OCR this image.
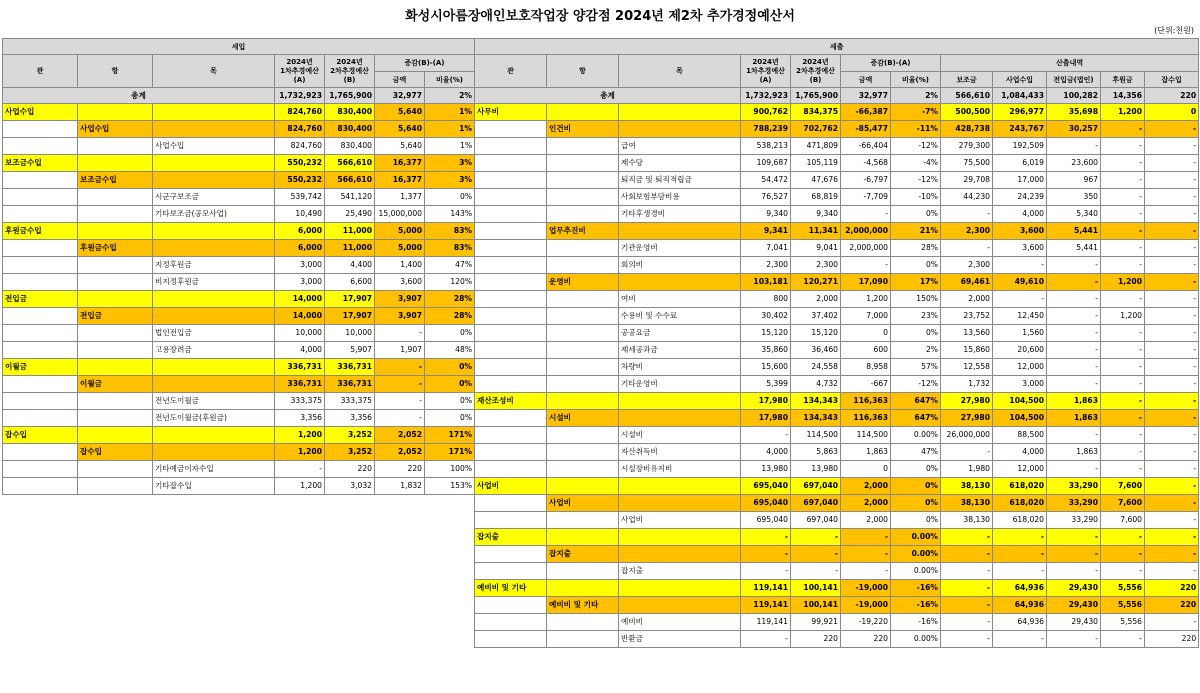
화성시아름장애인보호작업장 양감점 2024년 제2차 추가경정예산서
(단위:천원)
세입						
관	항	목	2024년
1차추경예산
(A)	2024년
2차추경예산
(B)	증감(B)-(A)	
					금액	비율(%)
총계			1,732,923	1,765,900	32,977	2%
사업수입			824,760	830,400	5,640	1%
	사업수입		824,760	830,400	5,640	1%
		사업수입	824,760	830,400	5,640	1%
보조금수입			550,232	566,610	16,377	3%
	보조금수입		550,232	566,610	16,377	3%
		시군구보조금	539,742	541,120	1,377	0%
		기타보조금(공모사업)	10,490	25,490	15,000,000	143%
후원금수입			6,000	11,000	5,000	83%
	후원금수입		6,000	11,000	5,000	83%
		지정후원금	3,000	4,400	1,400	47%
		비지정후원금	3,000	6,600	3,600	120%
전입금			14,000	17,907	3,907	28%
	전입금		14,000	17,907	3,907	28%
		법인전입금	10,000	10,000	-	0%
		고용장려금	4,000	5,907	1,907	48%
이월금			336,731	336,731	-	0%
	이월금		336,731	336,731	-	0%
		전년도이월금	333,375	333,375	-	0%
		전년도이월금(후원금)	3,356	3,356	-	0%
잡수입			1,200	3,252	2,052	171%
	잡수입		1,200	3,252	2,052	171%
		기타예금이자수입	-	220	220	100%
		기타잡수입	1,200	3,032	1,832	153%
세출											
관	항	목	2024년
1차추경예산
(A)	2024년
2차추경예산
(B)	증감(B)-(A)		산출내역				
					금액	비율(%)	보조금	사업수입	전입금(법인)	후원금	잡수입
총계			1,732,923	1,765,900	32,977	2%	566,610	1,084,433	100,282	14,356	220
사무비			900,762	834,375	-66,387	-7%	500,500	296,977	35,698	1,200	0
	인건비		788,239	702,762	-85,477	-11%	428,738	243,767	30,257	-	-
		급여	538,213	471,809	-66,404	-12%	279,300	192,509	-	-	-
		제수당	109,687	105,119	-4,568	-4%	75,500	6,019	23,600	-	-
		퇴직금 및 퇴직적립금	54,472	47,676	-6,797	-12%	29,708	17,000	967	-	-
		사회보험부담비용	76,527	68,819	-7,709	-10%	44,230	24,239	350	-	-
		기타후생경비	9,340	9,340	-	0%	-	4,000	5,340	-	-
	업무추진비		9,341	11,341	2,000,000	21%	2,300	3,600	5,441	-	-
		기관운영비	7,041	9,041	2,000,000	28%	-	3,600	5,441	-	-
		회의비	2,300	2,300	-	0%	2,300	-	-	-	-
	운영비		103,181	120,271	17,090	17%	69,461	49,610	-	1,200	-
		여비	800	2,000	1,200	150%	2,000	-	-	-	-
		수용비 및 수수료	30,402	37,402	7,000	23%	23,752	12,450	-	1,200	-
		공공요금	15,120	15,120	0	0%	13,560	1,560	-	-	-
		제세공과금	35,860	36,460	600	2%	15,860	20,600	-	-	-
		차량비	15,600	24,558	8,958	57%	12,558	12,000	-	-	-
		기타운영비	5,399	4,732	-667	-12%	1,732	3,000	-	-	-
재산조성비			17,980	134,343	116,363	647%	27,980	104,500	1,863	-	-
	시설비		17,980	134,343	116,363	647%	27,980	104,500	1,863	-	-
		시설비	-	114,500	114,500	0.00%	26,000,000	88,500	-	-	-
		자산취득비	4,000	5,863	1,863	47%	-	4,000	1,863	-	-
		시설장비유지비	13,980	13,980	0	0%	1,980	12,000	-	-	-
사업비			695,040	697,040	2,000	0%	38,130	618,020	33,290	7,600	-
	사업비		695,040	697,040	2,000	0%	38,130	618,020	33,290	7,600	-
		사업비	695,040	697,040	2,000	0%	38,130	618,020	33,290	7,600	-
잡지출			-	-	-	0.00%	-	-	-	-	-
	잡지출		-	-	-	0.00%	-	-	-	-	-
		잡지출	-	-	-	0.00%	-	-	-	-	-
예비비 및 기타			119,141	100,141	-19,000	-16%	-	64,936	29,430	5,556	220
	예비비 및 기타		119,141	100,141	-19,000	-16%	-	64,936	29,430	5,556	220
		예비비	119,141	99,921	-19,220	-16%	-	64,936	29,430	5,556	-
		반환금	-	220	220	0.00%	-	-	-	-	220
